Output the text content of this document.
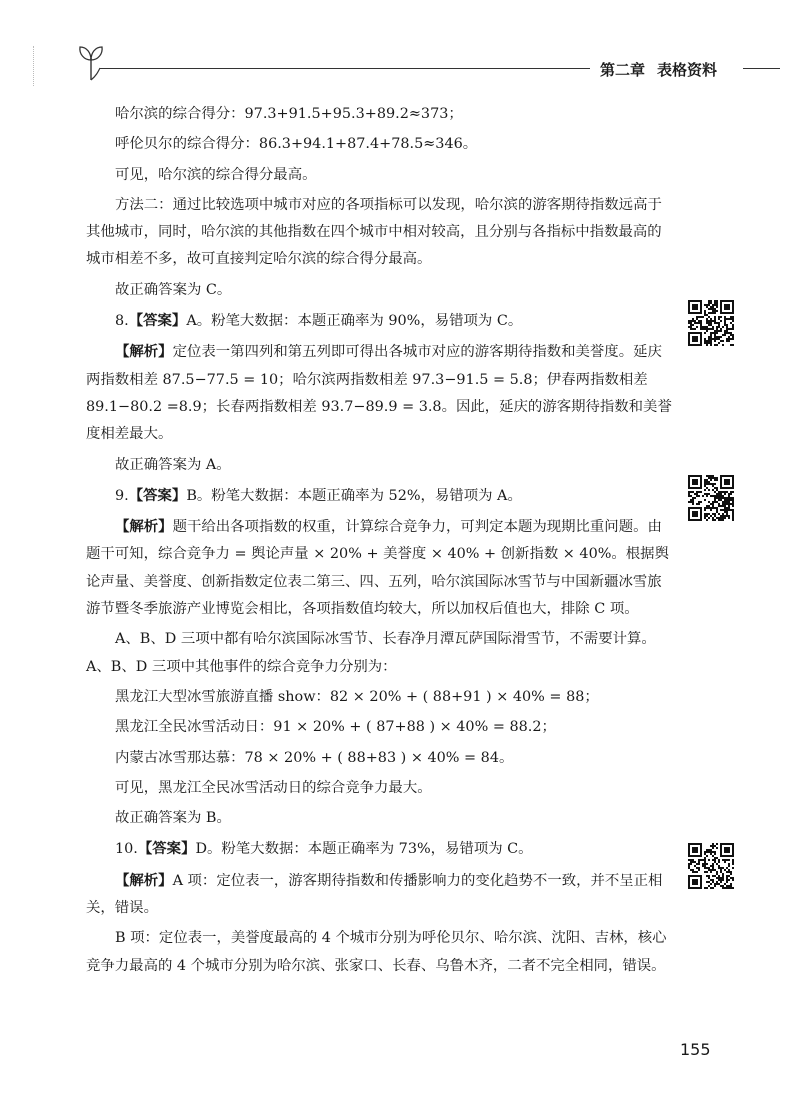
第二章 表格资料

哈尔滨的综合得分：97.3+91.5+95.3+89.2≈373；

呼伦贝尔的综合得分：86.3+94.1+87.4+78.5≈346。

可见，哈尔滨的综合得分最高。

方法二：通过比较选项中城市对应的各项指标可以发现，哈尔滨的游客期待指数远高于其他城市，同时，哈尔滨的其他指数在四个城市中相对较高，且分别与各指标中指数最高的城市相差不多，故可直接判定哈尔滨的综合得分最高。

故正确答案为 C。

8.【答案】A。粉笔大数据：本题正确率为 90%，易错项为 C。

【解析】定位表一第四列和第五列即可得出各城市对应的游客期待指数和美誉度。延庆两指数相差 87.5−77.5 = 10；哈尔滨两指数相差 97.3−91.5 = 5.8；伊春两指数相差 89.1−80.2 =8.9；长春两指数相差 93.7−89.9 = 3.8。因此，延庆的游客期待指数和美誉度相差最大。

故正确答案为 A。

9.【答案】B。粉笔大数据：本题正确率为 52%，易错项为 A。

【解析】题干给出各项指数的权重，计算综合竞争力，可判定本题为现期比重问题。由题干可知，综合竞争力 = 舆论声量 × 20% + 美誉度 × 40% + 创新指数 × 40%。根据舆论声量、美誉度、创新指数定位表二第三、四、五列，哈尔滨国际冰雪节与中国新疆冰雪旅游节暨冬季旅游产业博览会相比，各项指数值均较大，所以加权后值也大，排除 C 项。

A、B、D 三项中都有哈尔滨国际冰雪节、长春净月潭瓦萨国际滑雪节，不需要计算。A、B、D 三项中其他事件的综合竞争力分别为：

黑龙江大型冰雪旅游直播 show：82 × 20% + ( 88+91 ) × 40% = 88；

黑龙江全民冰雪活动日：91 × 20% + ( 87+88 ) × 40% = 88.2；

内蒙古冰雪那达慕：78 × 20% + ( 88+83 ) × 40% = 84。

可见，黑龙江全民冰雪活动日的综合竞争力最大。

故正确答案为 B。

10.【答案】D。粉笔大数据：本题正确率为 73%，易错项为 C。

【解析】A 项：定位表一，游客期待指数和传播影响力的变化趋势不一致，并不呈正相关，错误。

B 项：定位表一，美誉度最高的 4 个城市分别为呼伦贝尔、哈尔滨、沈阳、吉林，核心竞争力最高的 4 个城市分别为哈尔滨、张家口、长春、乌鲁木齐，二者不完全相同，错误。

155
